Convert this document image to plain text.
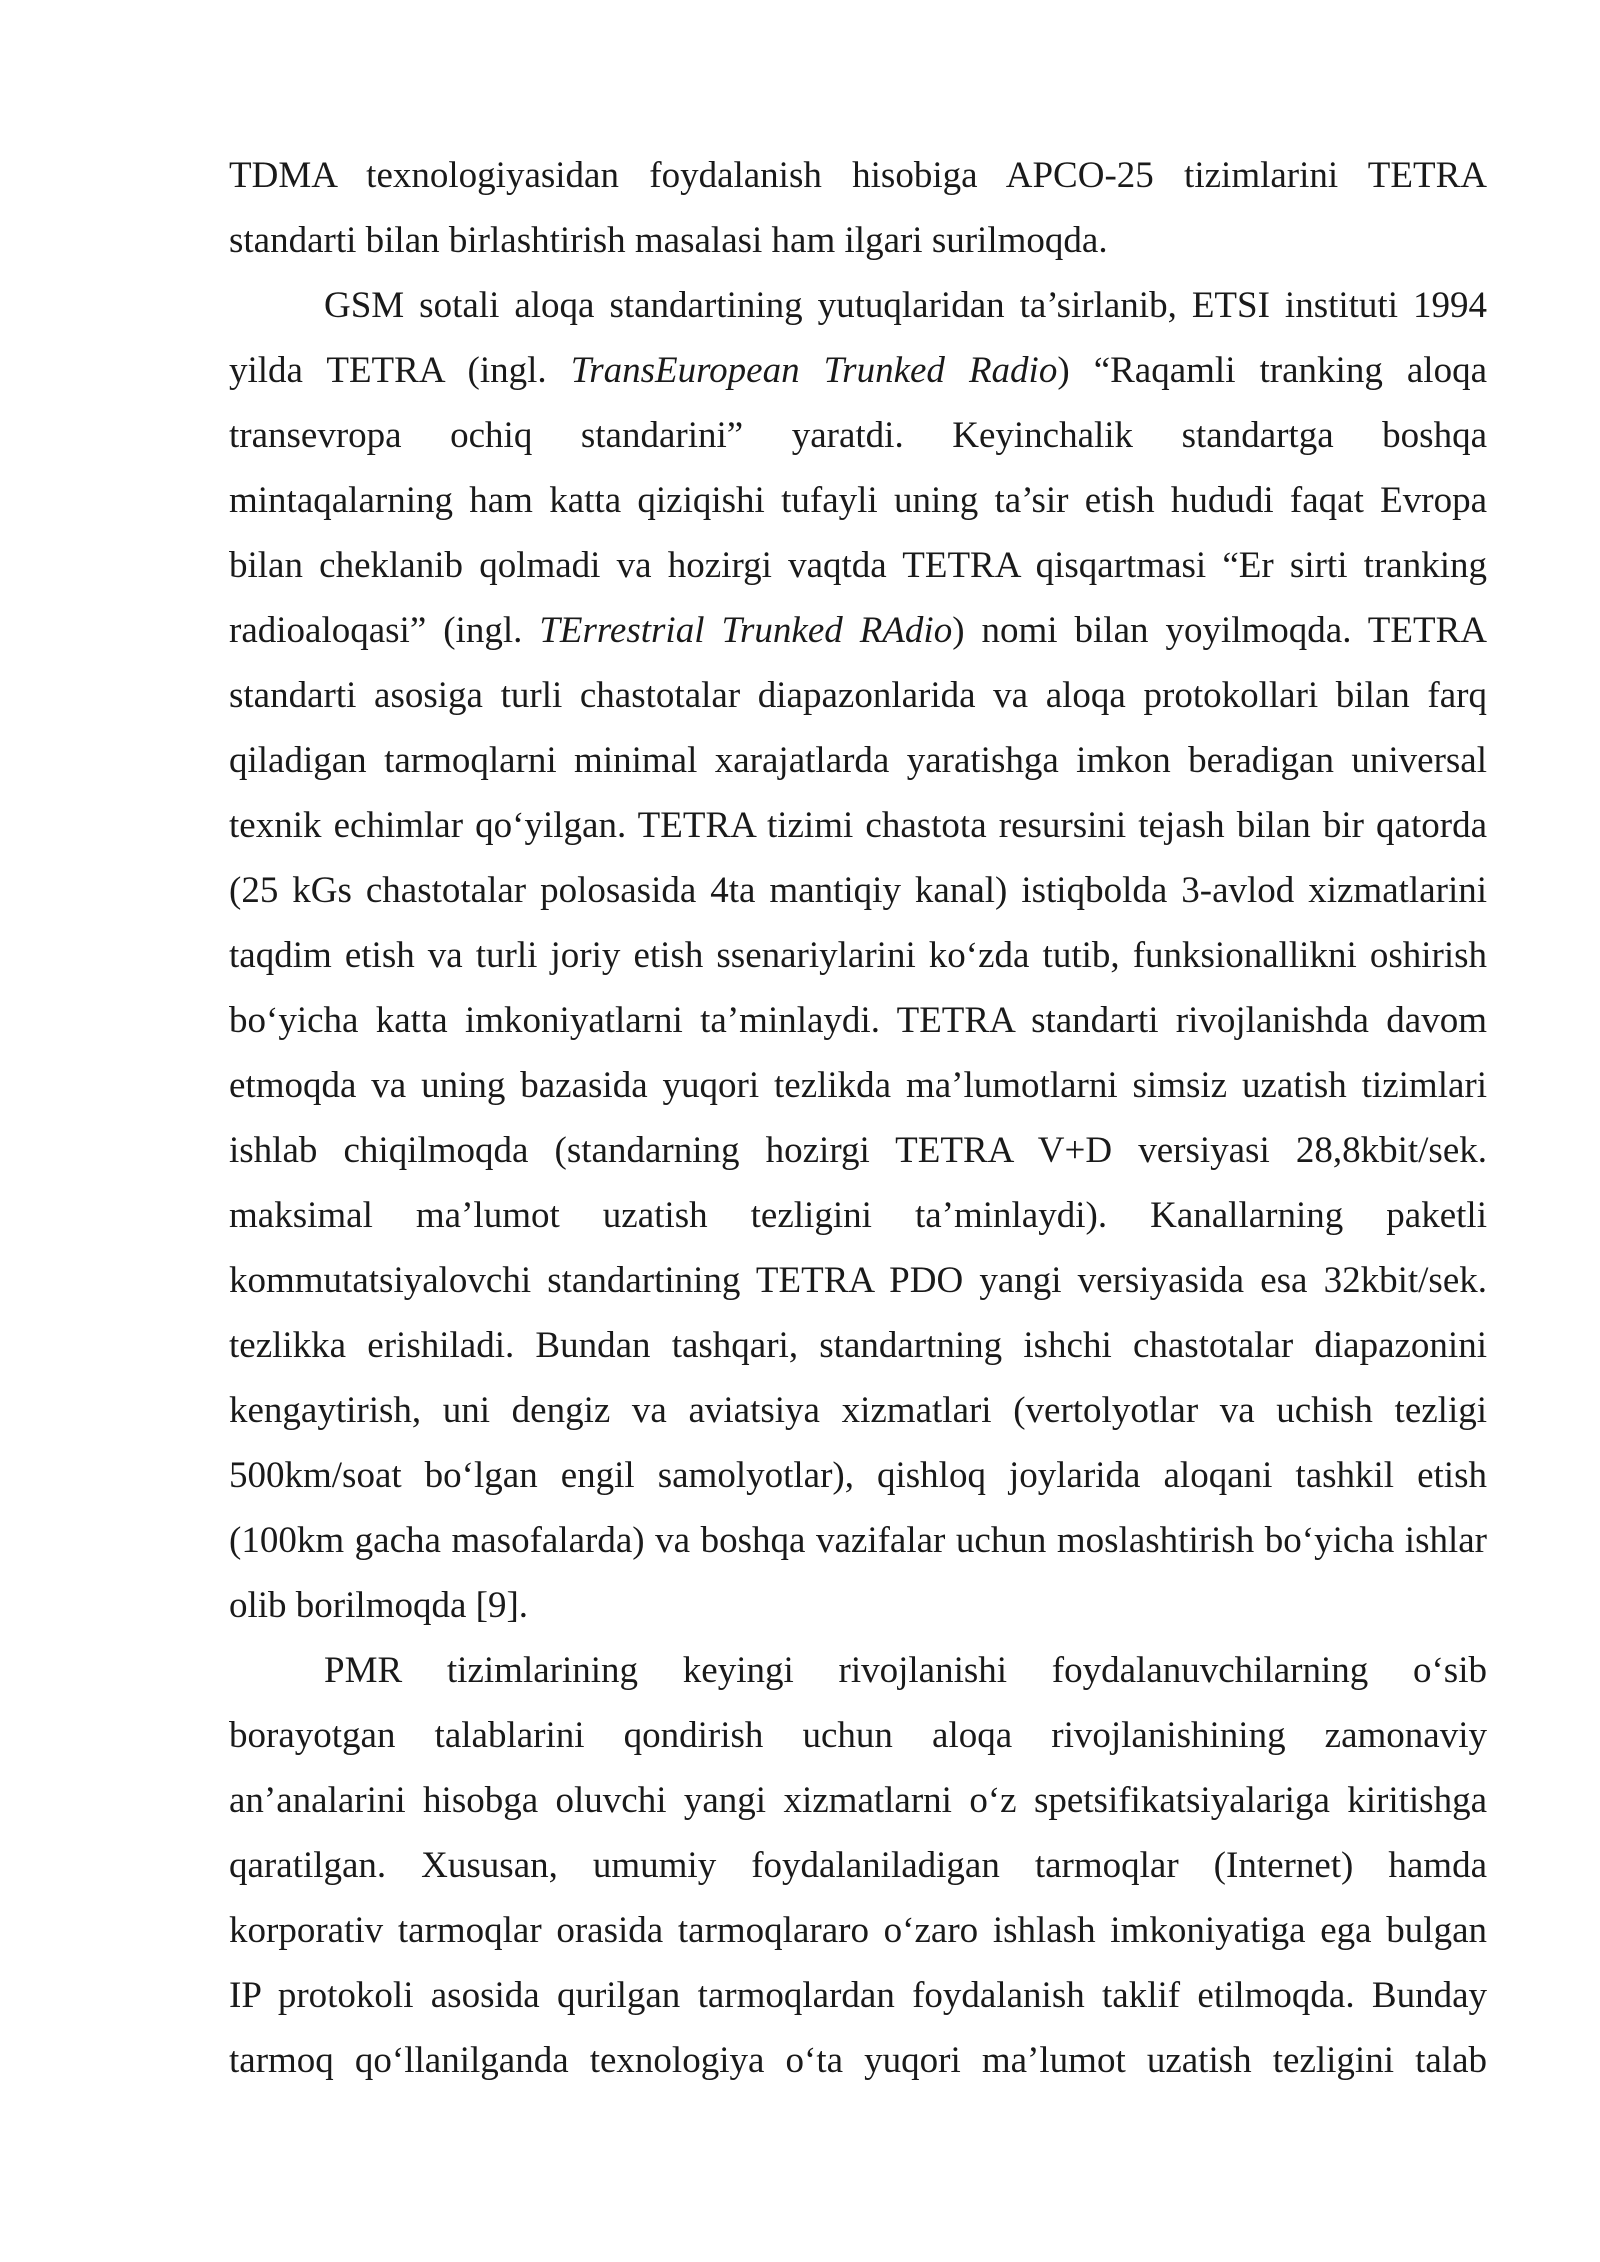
TDMA texnologiyasidan foydalanish hisobiga APCO-25 tizimlarini TETRA
standarti bilan birlashtirish masalasi ham ilgari surilmoqda.
GSM sotali aloqa standartining yutuqlaridan ta’sirlanib, ETSI instituti 1994
yilda TETRA (ingl. TransEuropean Trunked Radio) “Raqamli tranking aloqa
transevropa ochiq standarini” yaratdi. Keyinchalik standartga boshqa
mintaqalarning ham katta qiziqishi tufayli uning ta’sir etish hududi faqat Evropa
bilan cheklanib qolmadi va hozirgi vaqtda TETRA qisqartmasi “Er sirti tranking
radioaloqasi” (ingl. TErrestrial Trunked RAdio) nomi bilan yoyilmoqda. TETRA
standarti asosiga turli chastotalar diapazonlarida va aloqa protokollari bilan farq
qiladigan tarmoqlarni minimal xarajatlarda yaratishga imkon beradigan universal
texnik echimlar qo‘yilgan. TETRA tizimi chastota resursini tejash bilan bir qatorda
(25 kGs chastotalar polosasida 4ta mantiqiy kanal) istiqbolda 3-avlod xizmatlarini
taqdim etish va turli joriy etish ssenariylarini ko‘zda tutib, funksionallikni oshirish
bo‘yicha katta imkoniyatlarni ta’minlaydi. TETRA standarti rivojlanishda davom
etmoqda va uning bazasida yuqori tezlikda ma’lumotlarni simsiz uzatish tizimlari
ishlab chiqilmoqda (standarning hozirgi TETRA V+D versiyasi 28,8kbit/sek.
maksimal ma’lumot uzatish tezligini ta’minlaydi). Kanallarning paketli
kommutatsiyalovchi standartining TETRA PDO yangi versiyasida esa 32kbit/sek.
tezlikka erishiladi. Bundan tashqari, standartning ishchi chastotalar diapazonini
kengaytirish, uni dengiz va aviatsiya xizmatlari (vertolyotlar va uchish tezligi
500km/soat bo‘lgan engil samolyotlar), qishloq joylarida aloqani tashkil etish
(100km gacha masofalarda) va boshqa vazifalar uchun moslashtirish bo‘yicha ishlar
olib borilmoqda [9].
PMR tizimlarining keyingi rivojlanishi foydalanuvchilarning o‘sib
borayotgan talablarini qondirish uchun aloqa rivojlanishining zamonaviy
an’analarini hisobga oluvchi yangi xizmatlarni o‘z spetsifikatsiyalariga kiritishga
qaratilgan. Xususan, umumiy foydalaniladigan tarmoqlar (Internet) hamda
korporativ tarmoqlar orasida tarmoqlararo o‘zaro ishlash imkoniyatiga ega bulgan
IP protokoli asosida qurilgan tarmoqlardan foydalanish taklif etilmoqda. Bunday
tarmoq qo‘llanilganda texnologiya o‘ta yuqori ma’lumot uzatish tezligini talab
